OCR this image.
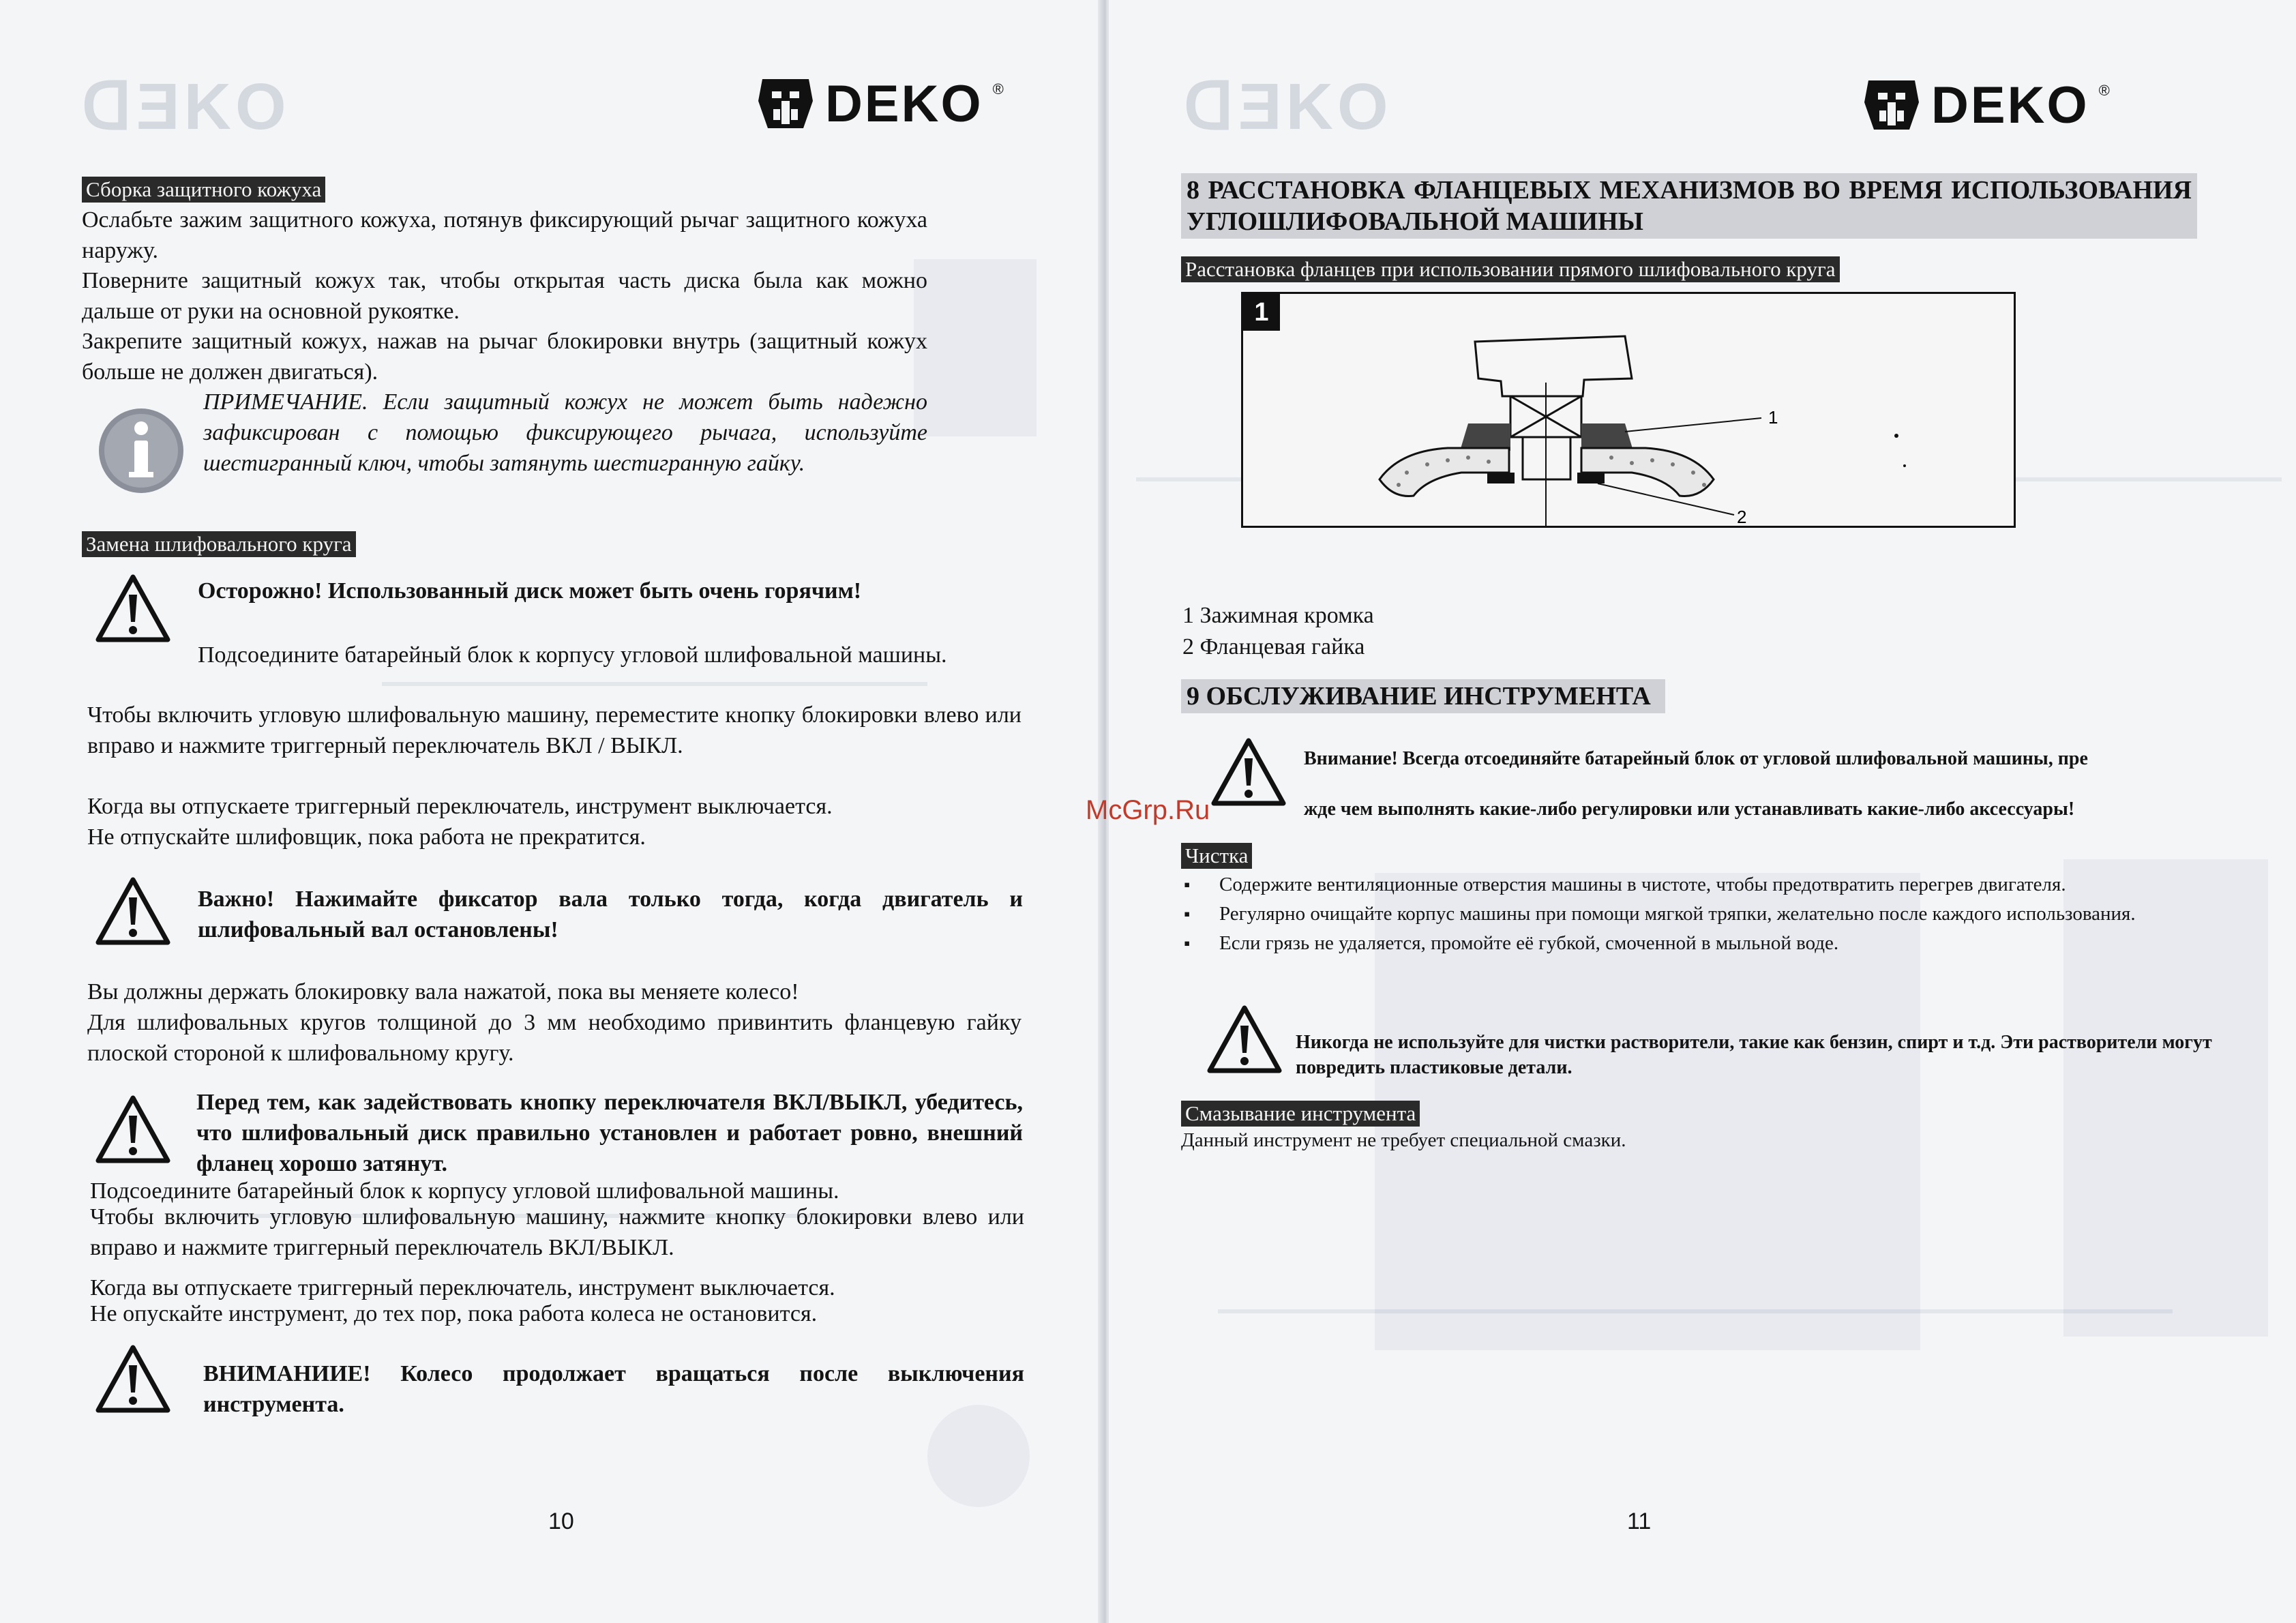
ᗡƎKO	DEKO ®
Сборка защитного кожуха
Ослабьте зажим защитного кожуха, потянув фиксирующий рычаг защитного кожуха наружу.
Поверните защитный кожух так, чтобы открытая часть диска была как можно дальше от руки на основной рукоятке.
Закрепите защитный кожух, нажав на рычаг блокировки внутрь (защитный кожух больше не должен двигаться).
ПРИМЕЧАНИЕ. Если защитный кожух не может быть надежно зафиксирован с помощью фиксирующего рычага, используйте шестигранный ключ, чтобы затянуть шестигранную гайку.
Замена шлифовального круга
Осторожно! Использованный диск может быть очень горячим!
Подсоедините батарейный блок к корпусу угловой шлифовальной машины.
Чтобы включить угловую шлифовальную машину, переместите кнопку блокировки влево или вправо и нажмите триггерный переключатель ВКЛ / ВЫКЛ.
Когда вы отпускаете триггерный переключатель, инструмент выключается.
Не отпускайте шлифовщик, пока работа не прекратится.
Важно! Нажимайте фиксатор вала только тогда, когда двигатель и шлифовальный вал остановлены!
Вы должны держать блокировку вала нажатой, пока вы меняете колесо!
Для шлифовальных кругов толщиной до 3 мм необходимо привинтить фланцевую гайку плоской стороной к шлифовальному кругу.
Перед тем, как задействовать кнопку переключателя ВКЛ/ВЫКЛ, убедитесь, что шлифовальный диск правильно установлен и работает ровно, внешний фланец хорошо затянут.
Подсоедините батарейный блок к корпусу угловой шлифовальной машины.
Чтобы включить угловую шлифовальную машину, нажмите кнопку блокировки влево или вправо и нажмите триггерный переключатель ВКЛ/ВЫКЛ.
Когда вы отпускаете триггерный переключатель, инструмент выключается.
Не опускайте инструмент, до тех пор, пока работа колеса не остановится.
ВНИМАНИИЕ! Колесо продолжает вращаться после выключения инструмента.
10
ᗡƎKO	DEKO ®
8 РАССТАНОВКА ФЛАНЦЕВЫХ МЕХАНИЗМОВ ВО ВРЕМЯ ИСПОЛЬЗОВАНИЯ УГЛОШЛИФОВАЛЬНОЙ МАШИНЫ
Расстановка фланцев при использовании прямого шлифовального круга
1
1
2
1 Зажимная кромка
2 Фланцевая гайка
9 ОБСЛУЖИВАНИЕ ИНСТРУМЕНТА
Внимание! Всегда отсоединяйте батарейный блок от угловой шлифовальной машины, пре
жде чем выполнять какие-либо регулировки или устанавливать какие-либо аксессуары!
Чистка
▪ Содержите вентиляционные отверстия машины в чистоте, чтобы предотвратить перегрев двигателя.
▪ Регулярно очищайте корпус машины при помощи мягкой тряпки, желательно после каждого использования.
▪ Если грязь не удаляется, промойте её губкой, смоченной в мыльной воде.
Никогда не используйте для чистки растворители, такие как бензин, спирт и т.д. Эти растворители могут повредить пластиковые детали.
Смазывание инструмента
Данный инструмент не требует специальной смазки.
11
McGrp.Ru
